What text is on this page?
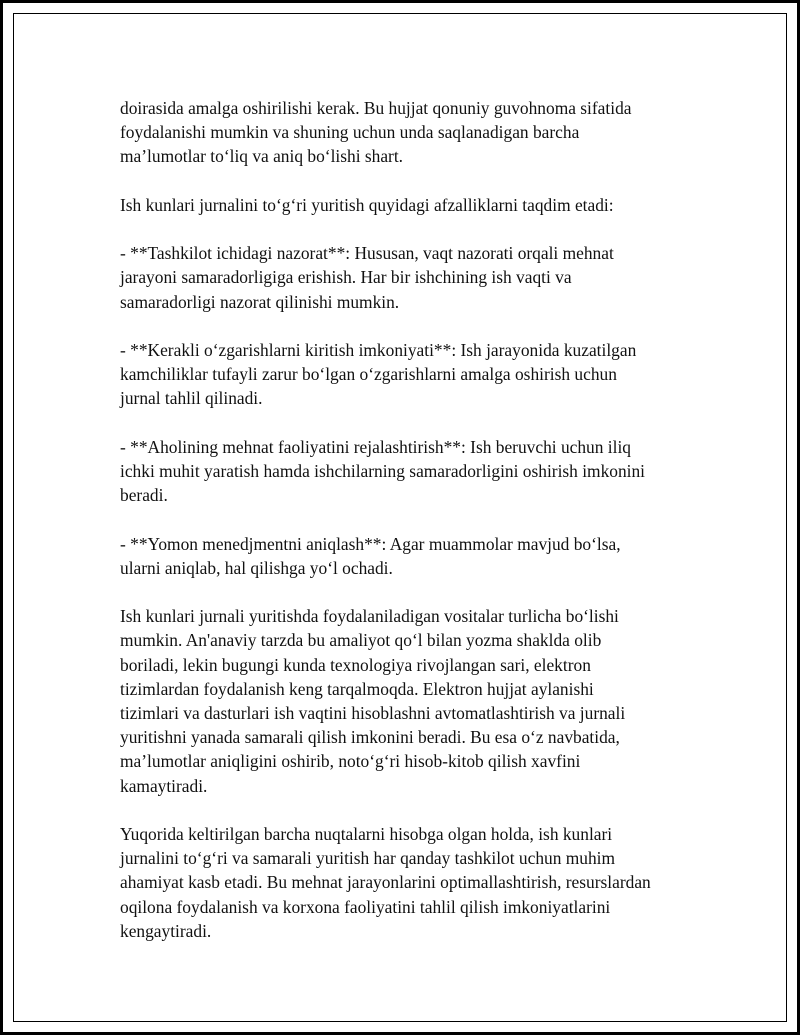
doirasida amalga oshirilishi kerak. Bu hujjat qonuniy guvohnoma sifatida
foydalanishi mumkin va shuning uchun unda saqlanadigan barcha
ma’lumotlar to‘liq va aniq bo‘lishi shart.

Ish kunlari jurnalini to‘g‘ri yuritish quyidagi afzalliklarni taqdim etadi:

- **Tashkilot ichidagi nazorat**: Hususan, vaqt nazorati orqali mehnat
jarayoni samaradorligiga erishish. Har bir ishchining ish vaqti va
samaradorligi nazorat qilinishi mumkin.

- **Kerakli o‘zgarishlarni kiritish imkoniyati**: Ish jarayonida kuzatilgan
kamchiliklar tufayli zarur bo‘lgan o‘zgarishlarni amalga oshirish uchun
jurnal tahlil qilinadi.

- **Aholining mehnat faoliyatini rejalashtirish**: Ish beruvchi uchun iliq
ichki muhit yaratish hamda ishchilarning samaradorligini oshirish imkonini
beradi.

- **Yomon menedjmentni aniqlash**: Agar muammolar mavjud bo‘lsa,
ularni aniqlab, hal qilishga yo‘l ochadi.

Ish kunlari jurnali yuritishda foydalaniladigan vositalar turlicha bo‘lishi
mumkin. An'anaviy tarzda bu amaliyot qo‘l bilan yozma shaklda olib
boriladi, lekin bugungi kunda texnologiya rivojlangan sari, elektron
tizimlardan foydalanish keng tarqalmoqda. Elektron hujjat aylanishi
tizimlari va dasturlari ish vaqtini hisoblashni avtomatlashtirish va jurnali
yuritishni yanada samarali qilish imkonini beradi. Bu esa o‘z navbatida,
ma’lumotlar aniqligini oshirib, noto‘g‘ri hisob-kitob qilish xavfini
kamaytiradi.

Yuqorida keltirilgan barcha nuqtalarni hisobga olgan holda, ish kunlari
jurnalini to‘g‘ri va samarali yuritish har qanday tashkilot uchun muhim
ahamiyat kasb etadi. Bu mehnat jarayonlarini optimallashtirish, resurslardan
oqilona foydalanish va korxona faoliyatini tahlil qilish imkoniyatlarini
kengaytiradi.
